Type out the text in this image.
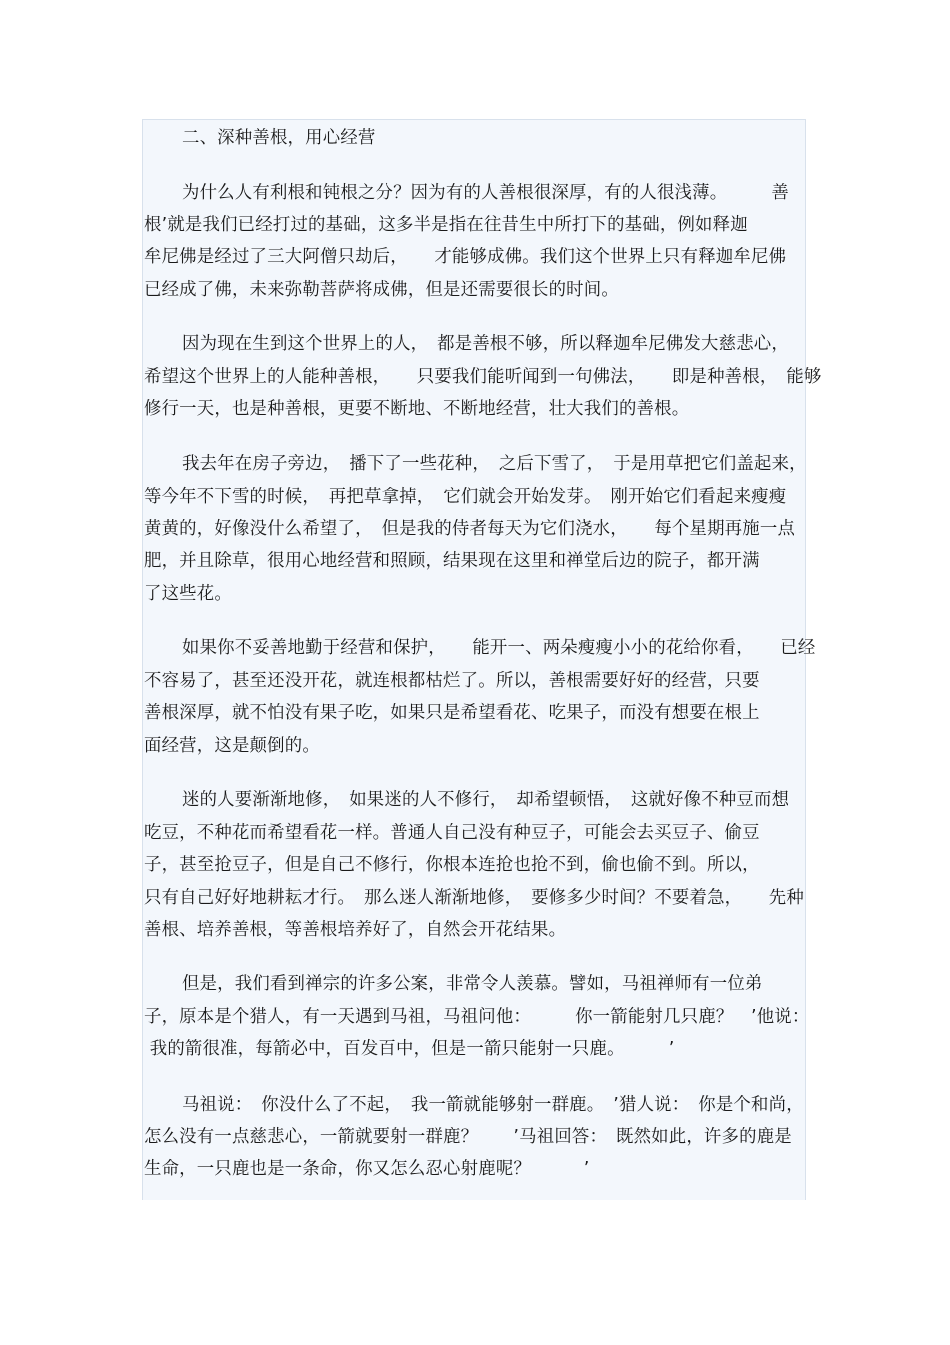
二、深种善根，用心经营

为什么人有利根和钝根之分？因为有的人善根很深厚，有的人很浅薄。　　　善

根’就是我们已经打过的基础，这多半是指在往昔生中所打下的基础，例如释迦

牟尼佛是经过了三大阿僧只劫后，　　才能够成佛。我们这个世界上只有释迦牟尼佛

已经成了佛，未来弥勒菩萨将成佛，但是还需要很长的时间。

因为现在生到这个世界上的人，　都是善根不够，所以释迦牟尼佛发大慈悲心，

希望这个世界上的人能种善根，　　只要我们能听闻到一句佛法，　　即是种善根，　能够

修行一天，也是种善根，更要不断地、不断地经营，壮大我们的善根。

我去年在房子旁边，　播下了一些花种，　之后下雪了，　于是用草把它们盖起来，

等今年不下雪的时候，　再把草拿掉，　它们就会开始发芽。　刚开始它们看起来瘦瘦

黄黄的，好像没什么希望了，　但是我的侍者每天为它们浇水，　　每个星期再施一点

肥，并且除草，很用心地经营和照顾，结果现在这里和禅堂后边的院子，都开满

了这些花。

如果你不妥善地勤于经营和保护，　　能开一、两朵瘦瘦小小的花给你看，　　已经

不容易了，甚至还没开花，就连根都枯烂了。所以，善根需要好好的经营，只要

善根深厚，就不怕没有果子吃，如果只是希望看花、吃果子，而没有想要在根上

面经营，这是颠倒的。

迷的人要渐渐地修，　如果迷的人不修行，　却希望顿悟，　这就好像不种豆而想

吃豆，不种花而希望看花一样。普通人自己没有种豆子，可能会去买豆子、偷豆

子，甚至抢豆子，但是自己不修行，你根本连抢也抢不到，偷也偷不到。所以，

只有自己好好地耕耘才行。　那么迷人渐渐地修，　要修多少时间？不要着急，　　先种

善根、培养善根，等善根培养好了，自然会开花结果。

但是，我们看到禅宗的许多公案，非常令人羡慕。譬如，马祖禅师有一位弟

子，原本是个猎人，有一天遇到马祖，马祖问他：　　　你一箭能射几只鹿？　’他说：

我的箭很准，每箭必中，百发百中，但是一箭只能射一只鹿。　　　’

马祖说：　你没什么了不起，　我一箭就能够射一群鹿。　’猎人说：　你是个和尚，

怎么没有一点慈悲心，一箭就要射一群鹿？　　’马祖回答：　既然如此，许多的鹿是

生命，一只鹿也是一条命，你又怎么忍心射鹿呢？　　　’
